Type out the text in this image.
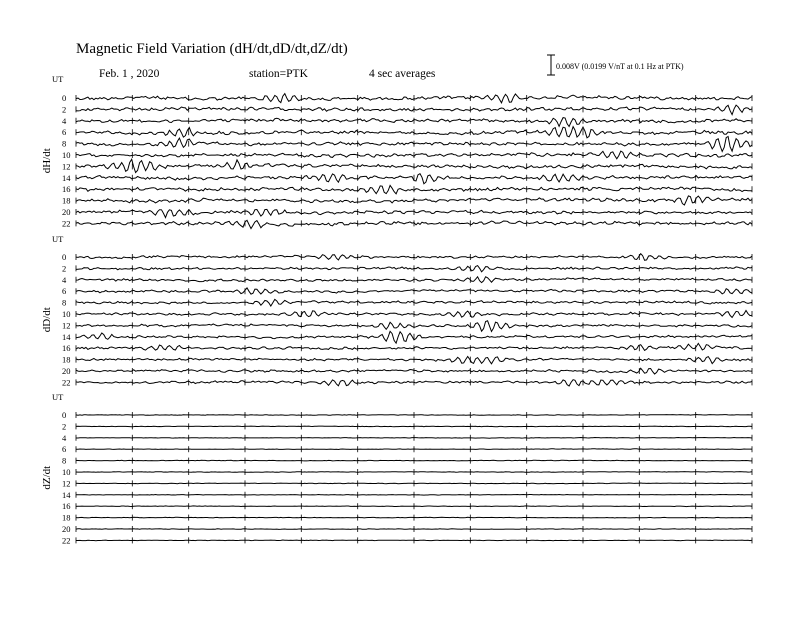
Magnetic Field Variation (dH/dt,dD/dt,dZ/dt)
Feb. 1 , 2020	station=PTK	4 sec averages
0.008V (0.0199 V/nT at 0.1 Hz at PTK)
UT
dH/dt
0
2
4
6
8
10
12
14
16
18
20
22
UT
dD/dt
0
2
4
6
8
10
12
14
16
18
20
22
UT
dZ/dt
0
2
4
6
8
10
12
14
16
18
20
22
